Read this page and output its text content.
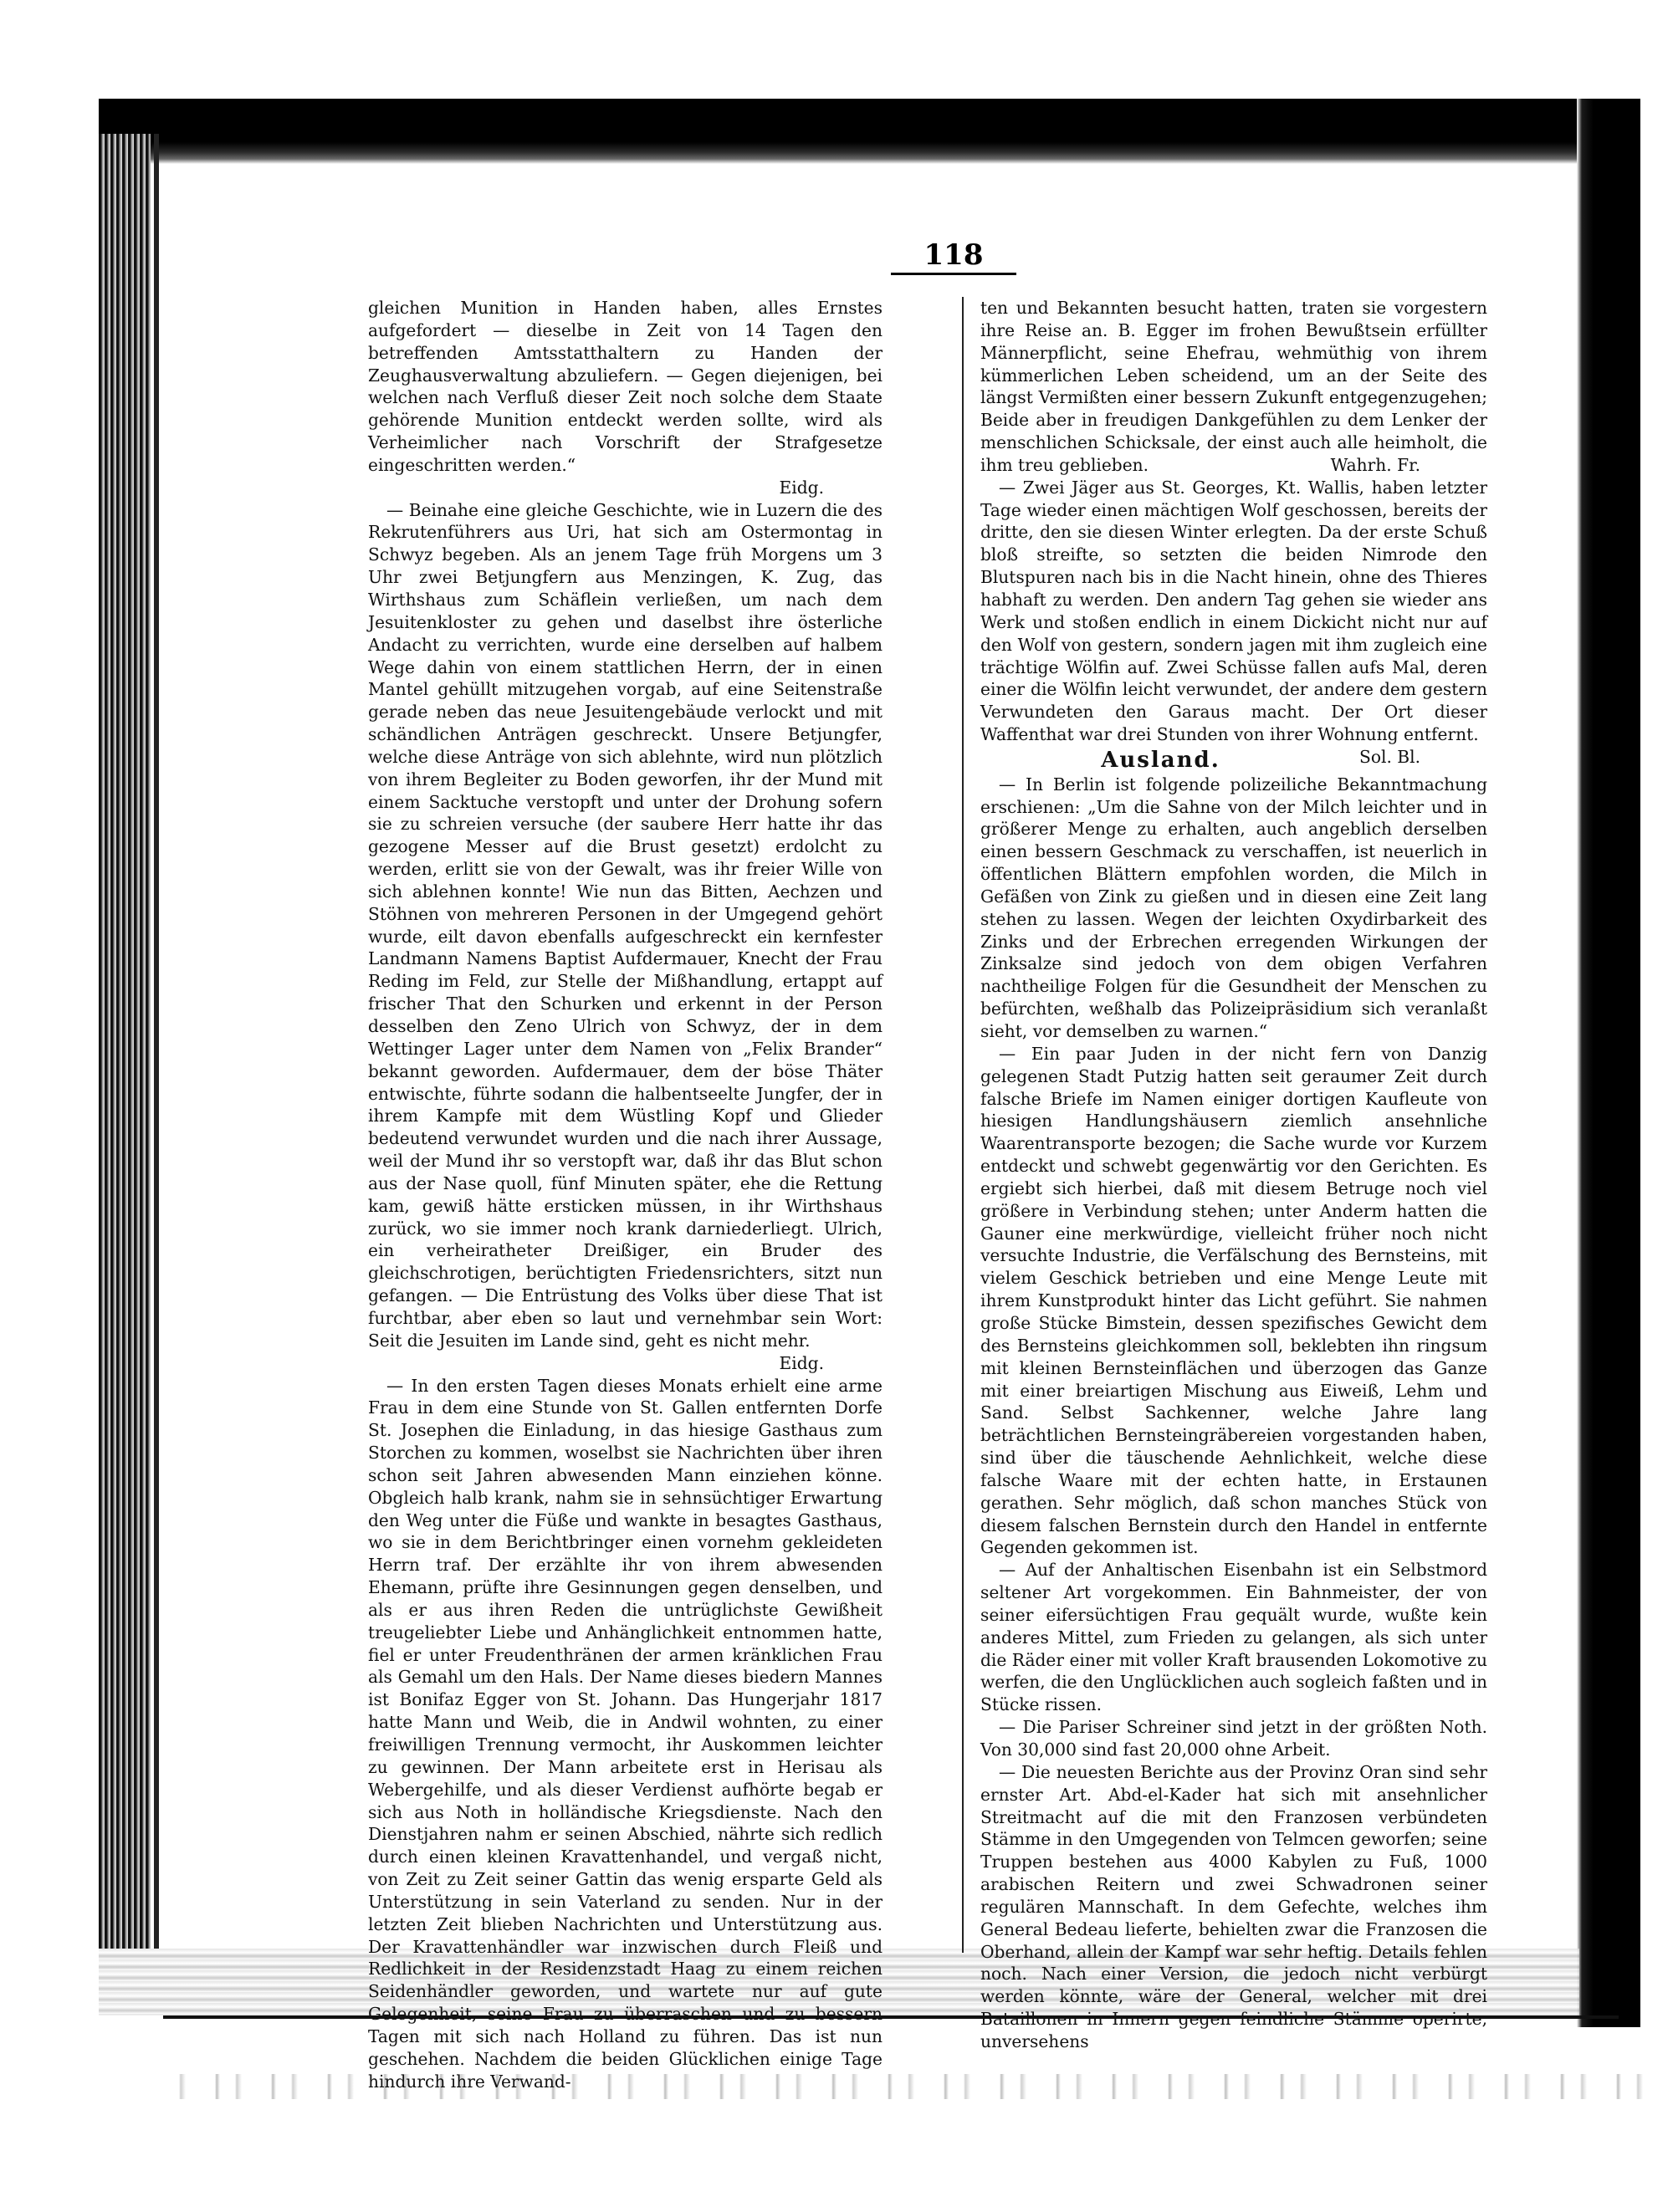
118

gleichen Munition in Handen haben, alles Ernstes aufgefordert — dieselbe in Zeit von 14 Tagen den betreffenden Amtsstatthaltern zu Handen der Zeughausverwaltung abzuliefern. — Gegen diejenigen, bei welchen nach Verfluß dieser Zeit noch solche dem Staate gehörende Munition entdeckt werden sollte, wird als Verheimlicher nach Vorschrift der Strafgesetze eingeschritten werden.“
Eidg.

— Beinahe eine gleiche Geschichte, wie in Luzern die des Rekrutenführers aus Uri, hat sich am Ostermontag in Schwyz begeben. Als an jenem Tage früh Morgens um 3 Uhr zwei Betjungfern aus Menzingen, K. Zug, das Wirthshaus zum Schäflein verließen, um nach dem Jesuitenkloster zu gehen und daselbst ihre österliche Andacht zu verrichten, wurde eine derselben auf halbem Wege dahin von einem stattlichen Herrn, der in einen Mantel gehüllt mitzugehen vorgab, auf eine Seitenstraße gerade neben das neue Jesuitengebäude verlockt und mit schändlichen Anträgen geschreckt. Unsere Betjungfer, welche diese Anträge von sich ablehnte, wird nun plötzlich von ihrem Begleiter zu Boden geworfen, ihr der Mund mit einem Sacktuche verstopft und unter der Drohung sofern sie zu schreien versuche (der saubere Herr hatte ihr das gezogene Messer auf die Brust gesetzt) erdolcht zu werden, erlitt sie von der Gewalt, was ihr freier Wille von sich ablehnen konnte! Wie nun das Bitten, Aechzen und Stöhnen von mehreren Personen in der Umgegend gehört wurde, eilt davon ebenfalls aufgeschreckt ein kernfester Landmann Namens Baptist Aufdermauer, Knecht der Frau Reding im Feld, zur Stelle der Mißhandlung, ertappt auf frischer That den Schurken und erkennt in der Person desselben den Zeno Ulrich von Schwyz, der in dem Wettinger Lager unter dem Namen von „Felix Brander“ bekannt geworden. Aufdermauer, dem der böse Thäter entwischte, führte sodann die halbentseelte Jungfer, der in ihrem Kampfe mit dem Wüstling Kopf und Glieder bedeutend verwundet wurden und die nach ihrer Aussage, weil der Mund ihr so verstopft war, daß ihr das Blut schon aus der Nase quoll, fünf Minuten später, ehe die Rettung kam, gewiß hätte ersticken müssen, in ihr Wirthshaus zurück, wo sie immer noch krank darniederliegt. Ulrich, ein verheiratheter Dreißiger, ein Bruder des gleichschrotigen, berüchtigten Friedensrichters, sitzt nun gefangen. — Die Entrüstung des Volks über diese That ist furchtbar, aber eben so laut und vernehmbar sein Wort: Seit die Jesuiten im Lande sind, geht es nicht mehr.
Eidg.

— In den ersten Tagen dieses Monats erhielt eine arme Frau in dem eine Stunde von St. Gallen entfernten Dorfe St. Josephen die Einladung, in das hiesige Gasthaus zum Storchen zu kommen, woselbst sie Nachrichten über ihren schon seit Jahren abwesenden Mann einziehen könne. Obgleich halb krank, nahm sie in sehnsüchtiger Erwartung den Weg unter die Füße und wankte in besagtes Gasthaus, wo sie in dem Berichtbringer einen vornehm gekleideten Herrn traf. Der erzählte ihr von ihrem abwesenden Ehemann, prüfte ihre Gesinnungen gegen denselben, und als er aus ihren Reden die untrüglichste Gewißheit treugeliebter Liebe und Anhänglichkeit entnommen hatte, fiel er unter Freudenthränen der armen kränklichen Frau als Gemahl um den Hals. Der Name dieses biedern Mannes ist Bonifaz Egger von St. Johann. Das Hungerjahr 1817 hatte Mann und Weib, die in Andwil wohnten, zu einer freiwilligen Trennung vermocht, ihr Auskommen leichter zu gewinnen. Der Mann arbeitete erst in Herisau als Webergehilfe, und als dieser Verdienst aufhörte begab er sich aus Noth in holländische Kriegsdienste. Nach den Dienstjahren nahm er seinen Abschied, nährte sich redlich durch einen kleinen Kravattenhandel, und vergaß nicht, von Zeit zu Zeit seiner Gattin das wenig ersparte Geld als Unterstützung in sein Vaterland zu senden. Nur in der letzten Zeit blieben Nachrichten und Unterstützung aus. Der Kravattenhändler war inzwischen durch Fleiß und Redlichkeit in der Residenzstadt Haag zu einem reichen Seidenhändler geworden, und wartete nur auf gute Gelegenheit, seine Frau zu überraschen und zu bessern Tagen mit sich nach Holland zu führen. Das ist nun geschehen. Nachdem die beiden Glücklichen einige Tage hindurch ihre Verwand-

ten und Bekannten besucht hatten, traten sie vorgestern ihre Reise an. B. Egger im frohen Bewußtsein erfüllter Männerpflicht, seine Ehefrau, wehmüthig von ihrem kümmerlichen Leben scheidend, um an der Seite des längst Vermißten einer bessern Zukunft entgegenzugehen; Beide aber in freudigen Dankgefühlen zu dem Lenker der menschlichen Schicksale, der einst auch alle heimholt, die ihm treu geblieben.	Wahrh. Fr.

— Zwei Jäger aus St. Georges, Kt. Wallis, haben letzter Tage wieder einen mächtigen Wolf geschossen, bereits der dritte, den sie diesen Winter erlegten. Da der erste Schuß bloß streifte, so setzten die beiden Nimrode den Blutspuren nach bis in die Nacht hinein, ohne des Thieres habhaft zu werden. Den andern Tag gehen sie wieder ans Werk und stoßen endlich in einem Dickicht nicht nur auf den Wolf von gestern, sondern jagen mit ihm zugleich eine trächtige Wölfin auf. Zwei Schüsse fallen aufs Mal, deren einer die Wölfin leicht verwundet, der andere dem gestern Verwundeten den Garaus macht. Der Ort dieser Waffenthat war drei Stunden von ihrer Wohnung entfernt.
Sol. Bl.

Ausland.

— In Berlin ist folgende polizeiliche Bekanntmachung erschienen: „Um die Sahne von der Milch leichter und in größerer Menge zu erhalten, auch angeblich derselben einen bessern Geschmack zu verschaffen, ist neuerlich in öffentlichen Blättern empfohlen worden, die Milch in Gefäßen von Zink zu gießen und in diesen eine Zeit lang stehen zu lassen. Wegen der leichten Oxydirbarkeit des Zinks und der Erbrechen erregenden Wirkungen der Zinksalze sind jedoch von dem obigen Verfahren nachtheilige Folgen für die Gesundheit der Menschen zu befürchten, weßhalb das Polizeipräsidium sich veranlaßt sieht, vor demselben zu warnen.“

— Ein paar Juden in der nicht fern von Danzig gelegenen Stadt Putzig hatten seit geraumer Zeit durch falsche Briefe im Namen einiger dortigen Kaufleute von hiesigen Handlungshäusern ziemlich ansehnliche Waarentransporte bezogen; die Sache wurde vor Kurzem entdeckt und schwebt gegenwärtig vor den Gerichten. Es ergiebt sich hierbei, daß mit diesem Betruge noch viel größere in Verbindung stehen; unter Anderm hatten die Gauner eine merkwürdige, vielleicht früher noch nicht versuchte Industrie, die Verfälschung des Bernsteins, mit vielem Geschick betrieben und eine Menge Leute mit ihrem Kunstprodukt hinter das Licht geführt. Sie nahmen große Stücke Bimstein, dessen spezifisches Gewicht dem des Bernsteins gleichkommen soll, beklebten ihn ringsum mit kleinen Bernsteinflächen und überzogen das Ganze mit einer breiartigen Mischung aus Eiweiß, Lehm und Sand. Selbst Sachkenner, welche Jahre lang beträchtlichen Bernsteingräbereien vorgestanden haben, sind über die täuschende Aehnlichkeit, welche diese falsche Waare mit der echten hatte, in Erstaunen gerathen. Sehr möglich, daß schon manches Stück von diesem falschen Bernstein durch den Handel in entfernte Gegenden gekommen ist.

— Auf der Anhaltischen Eisenbahn ist ein Selbstmord seltener Art vorgekommen. Ein Bahnmeister, der von seiner eifersüchtigen Frau gequält wurde, wußte kein anderes Mittel, zum Frieden zu gelangen, als sich unter die Räder einer mit voller Kraft brausenden Lokomotive zu werfen, die den Unglücklichen auch sogleich faßten und in Stücke rissen.

— Die Pariser Schreiner sind jetzt in der größten Noth. Von 30,000 sind fast 20,000 ohne Arbeit.

— Die neuesten Berichte aus der Provinz Oran sind sehr ernster Art. Abd-el-Kader hat sich mit ansehnlicher Streitmacht auf die mit den Franzosen verbündeten Stämme in den Umgegenden von Telmcen geworfen; seine Truppen bestehen aus 4000 Kabylen zu Fuß, 1000 arabischen Reitern und zwei Schwadronen seiner regulären Mannschaft. In dem Gefechte, welches ihm General Bedeau lieferte, behielten zwar die Franzosen die Oberhand, allein der Kampf war sehr heftig. Details fehlen noch. Nach einer Version, die jedoch nicht verbürgt werden könnte, wäre der General, welcher mit drei Bataillonen in Innern gegen feindliche Stämme operirte, unversehens
